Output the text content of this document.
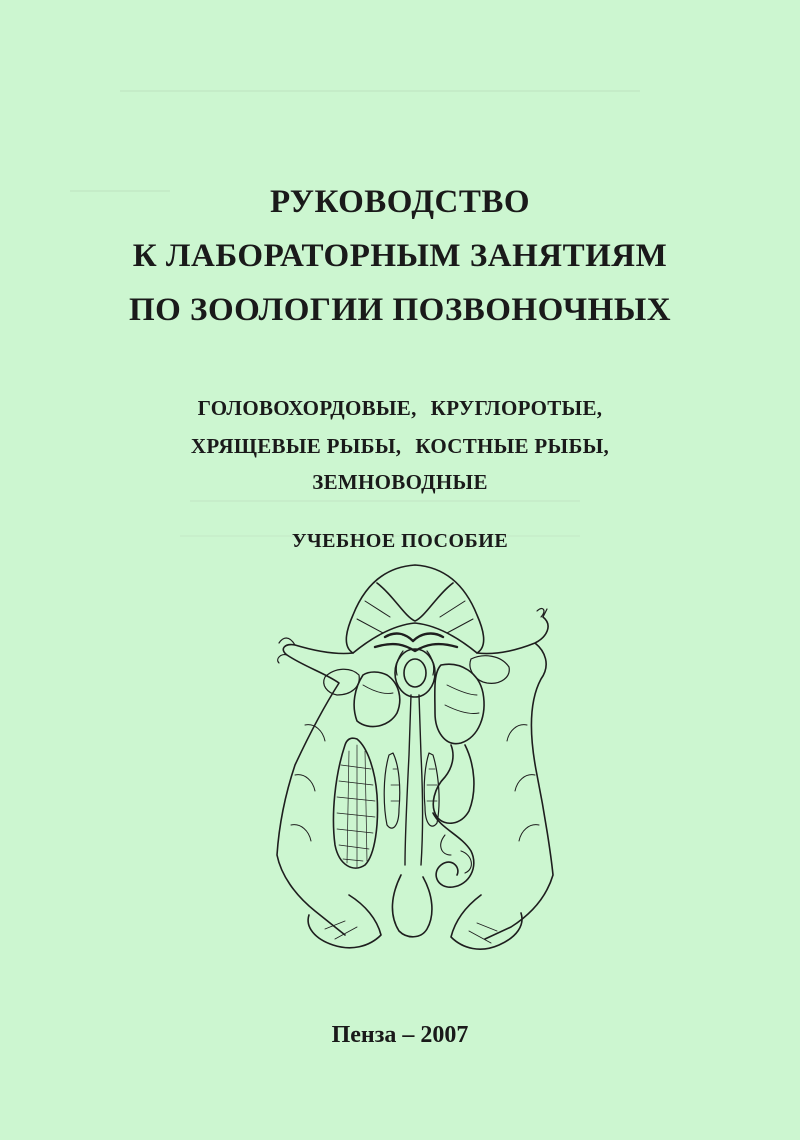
РУКОВОДСТВО
К ЛАБОРАТОРНЫМ ЗАНЯТИЯМ
ПО ЗООЛОГИИ ПОЗВОНОЧНЫХ
ГОЛОВОХОРДОВЫЕ, КРУГЛОРОТЫЕ,
ХРЯЩЕВЫЕ РЫБЫ, КОСТНЫЕ РЫБЫ,
ЗЕМНОВОДНЫЕ
УЧЕБНОЕ ПОСОБИЕ
Пенза – 2007
